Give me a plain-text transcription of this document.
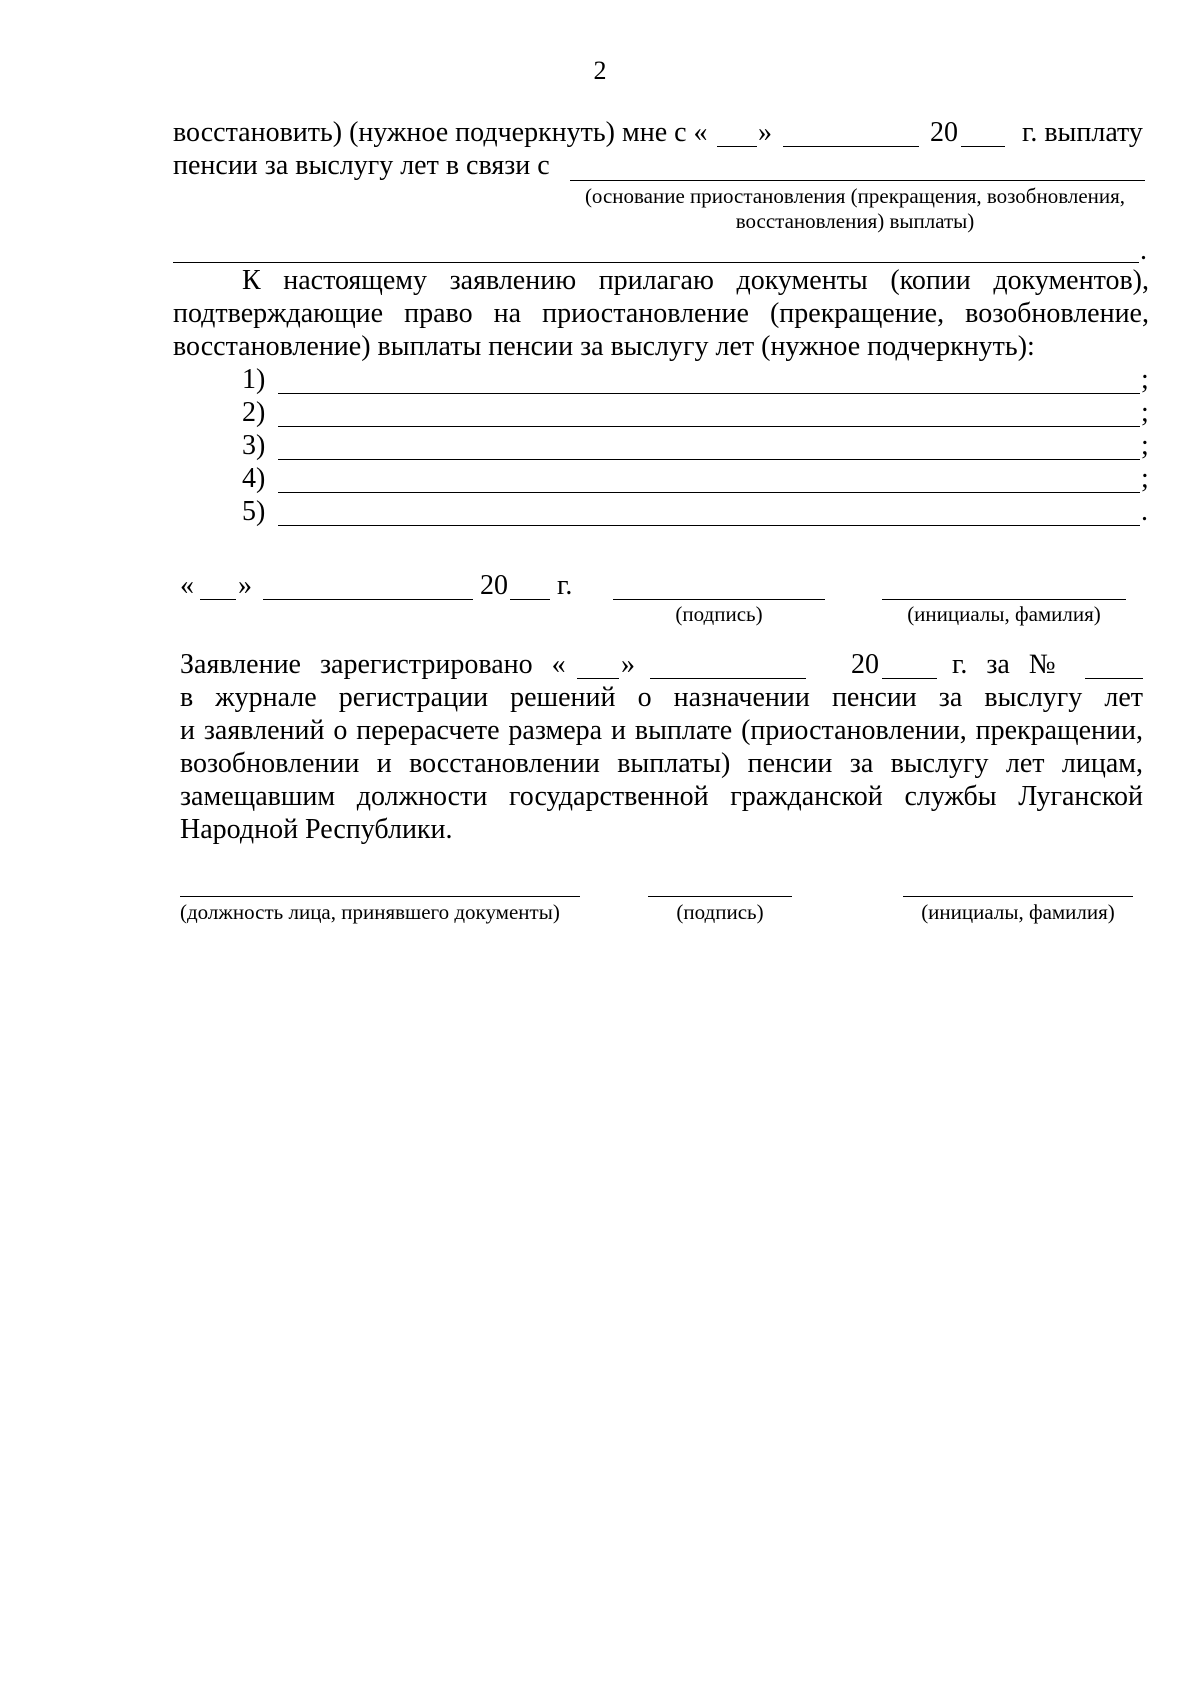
2
восстановить) (нужное подчеркнуть) мне с « »	20 г. выплату
пенсии за выслугу лет в связи с
(основание приостановления (прекращения, возобновления,
восстановления) выплаты)
.
К настоящему заявлению прилагаю документы (копии документов),
подтверждающие право на приостановление (прекращение, возобновление,
восстановление) выплаты пенсии за выслугу лет (нужное подчеркнуть):
1)	;
2)	;
3)	;
4)	;
5)	.
« »	20 г.
(подпись)	(инициалы, фамилия)
Заявление зарегистрировано « »	20	г. за №
в журнале регистрации решений о назначении пенсии за выслугу лет
и заявлений о перерасчете размера и выплате (приостановлении, прекращении,
возобновлении и восстановлении выплаты) пенсии за выслугу лет лицам,
замещавшим должности государственной гражданской службы Луганской
Народной Республики.
(должность лица, принявшего документы)	(подпись)	(инициалы, фамилия)
